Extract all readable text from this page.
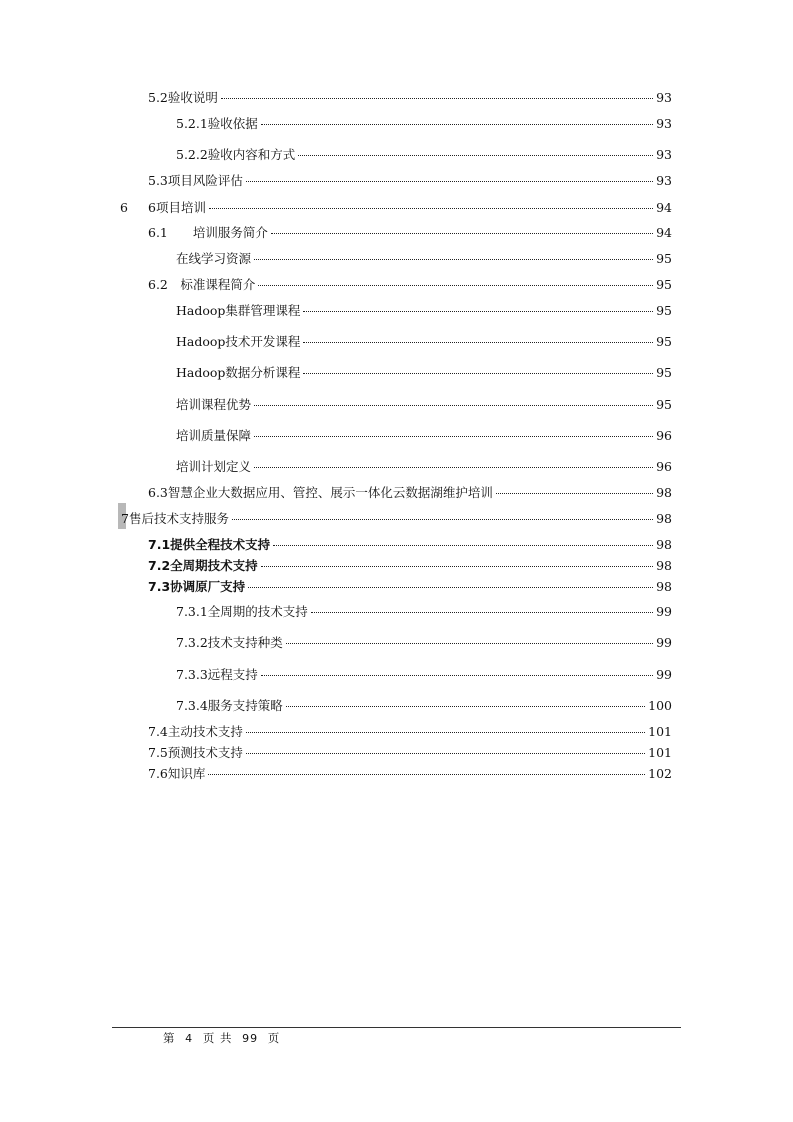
6
5.2验收说明	93
5.2.1验收依据	93
5.2.2验收内容和方式	93
5.3项目风险评估	93
6项目培训	94
6.1　　培训服务简介	94
在线学习资源	95
6.2　标准课程简介	95
Hadoop集群管理课程	95
Hadoop技术开发课程	95
Hadoop数据分析课程	95
培训课程优势	95
培训质量保障	96
培训计划定义	96
6.3智慧企业大数据应用、管控、展示一体化云数据湖维护培训	98
7售后技术支持服务	98
7.1提供全程技术支持	98
7.2全周期技术支持	98
7.3协调原厂支持	98
7.3.1全周期的技术支持	99
7.3.2技术支持种类	99
7.3.3远程支持	99
7.3.4服务支持策略	100
7.4主动技术支持	101
7.5预测技术支持	101
7.6知识库	102
第 4 页 共 99 页
